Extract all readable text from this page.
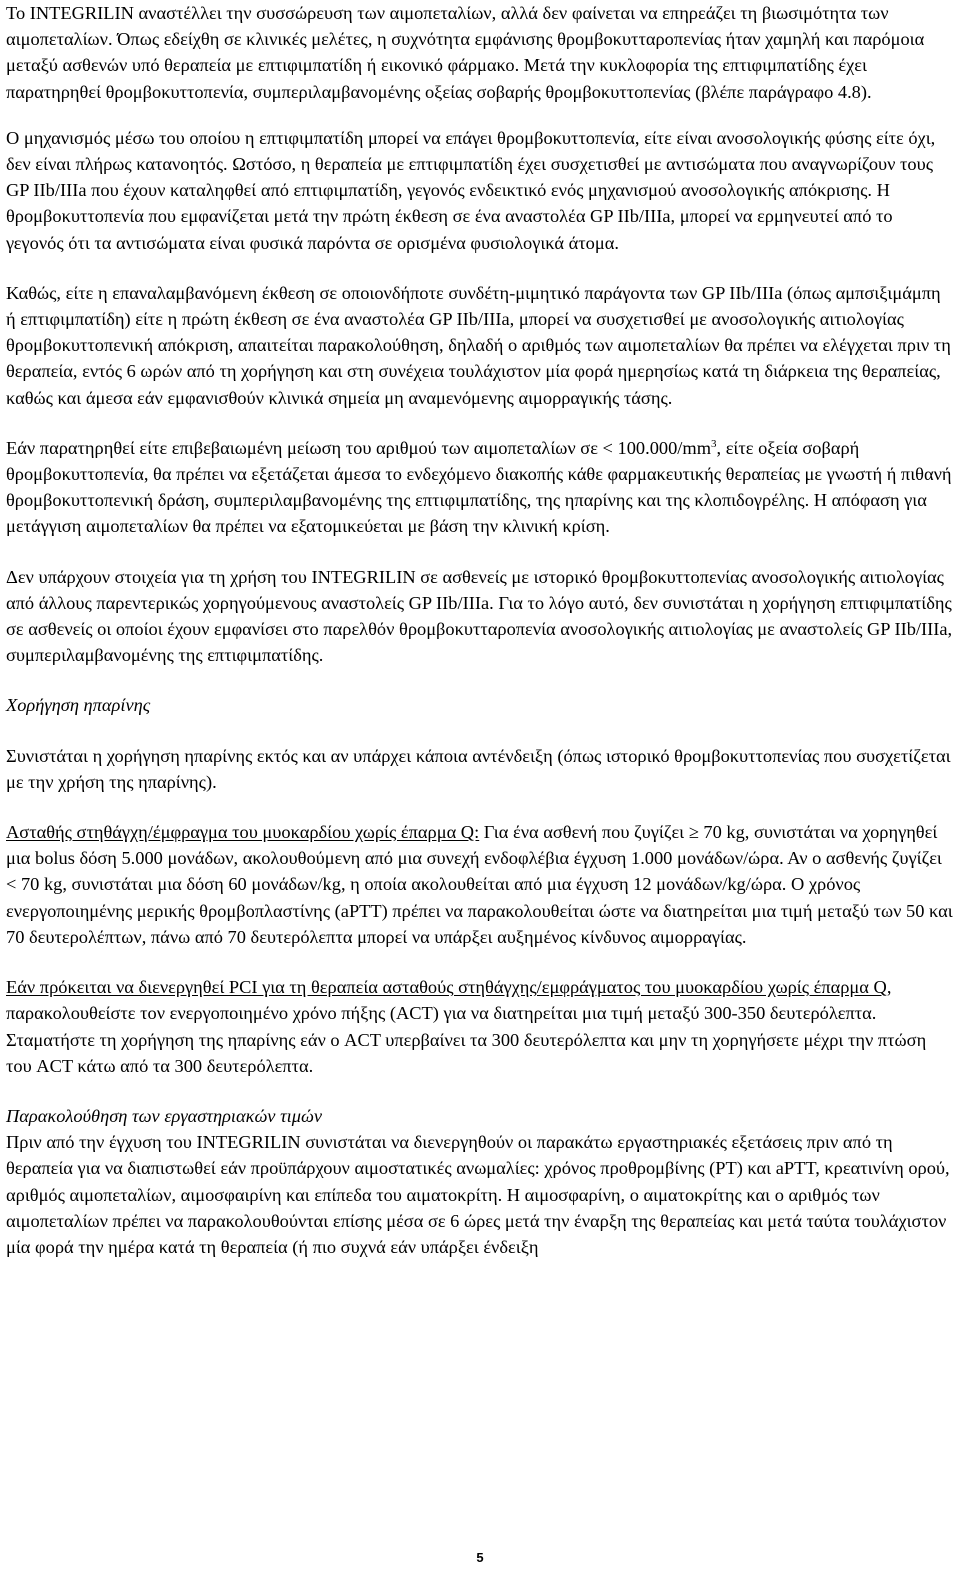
Το INTEGRILIN αναστέλλει την συσσώρευση των αιμοπεταλίων, αλλά δεν φαίνεται να επηρεάζει τη βιωσιμότητα των αιμοπεταλίων. Όπως εδείχθη σε κλινικές μελέτες, η συχνότητα εμφάνισης θρομβοκυτταροπενίας ήταν χαμηλή και παρόμοια μεταξύ ασθενών υπό θεραπεία με επτιφιμπατίδη ή εικονικό φάρμακο. Μετά την κυκλοφορία της επτιφιμπατίδης έχει παρατηρηθεί θρομβοκυττοπενία, συμπεριλαμβανομένης οξείας σοβαρής θρομβοκυττοπενίας (βλέπε παράγραφο 4.8).

Ο μηχανισμός μέσω του οποίου η επτιφιμπατίδη μπορεί να επάγει θρομβοκυττοπενία, είτε είναι ανοσολογικής φύσης είτε όχι, δεν είναι πλήρως κατανοητός. Ωστόσο, η θεραπεία με επτιφιμπατίδη έχει συσχετισθεί με αντισώματα που αναγνωρίζουν τους GP IIb/IIIa που έχουν καταληφθεί από επτιφιμπατίδη, γεγονός ενδεικτικό ενός μηχανισμού ανοσολογικής απόκρισης. Η θρομβοκυττοπενία που εμφανίζεται μετά την πρώτη έκθεση σε ένα αναστολέα GP IIb/IIIa, μπορεί να ερμηνευτεί από το γεγονός ότι τα αντισώματα είναι φυσικά παρόντα σε ορισμένα φυσιολογικά άτομα.

Καθώς, είτε η επαναλαμβανόμενη έκθεση σε οποιονδήποτε συνδέτη-μιμητικό παράγοντα των GP IIb/IIIa (όπως αμπσιξιμάμπη ή επτιφιμπατίδη) είτε η πρώτη έκθεση σε ένα αναστολέα GP IIb/IIIa, μπορεί να συσχετισθεί με ανοσολογικής αιτιολογίας θρομβοκυττοπενική απόκριση, απαιτείται παρακολούθηση, δηλαδή ο αριθμός των αιμοπεταλίων θα πρέπει να ελέγχεται πριν τη θεραπεία, εντός 6 ωρών από τη χορήγηση και στη συνέχεια τουλάχιστον μία φορά ημερησίως κατά τη διάρκεια της θεραπείας, καθώς και άμεσα εάν εμφανισθούν κλινικά σημεία μη αναμενόμενης αιμορραγικής τάσης.

Εάν παρατηρηθεί είτε επιβεβαιωμένη μείωση του αριθμού των αιμοπεταλίων $\sigma\varepsilon < 100.000/mm^3$, είτε οξεία σοβαρή θρομβοκυττοπενία, θα πρέπει να εξετάζεται άμεσα το ενδεχόμενο διακοπής κάθε φαρμακευτικής θεραπείας με γνωστή ή πιθανή θρομβοκυττοπενική δράση, συμπεριλαμβανομένης της επτιφιμπατίδης, της ηπαρίνης και της κλοπιδογρέλης. Η απόφαση για μετάγγιση αιμοπεταλίων θα πρέπει να εξατομικεύεται με βάση την κλινική κρίση.

Δεν υπάρχουν στοιχεία για τη χρήση του INTEGRILIN σε ασθενείς με ιστορικό θρομβοκυττοπενίας ανοσολογικής αιτιολογίας από άλλους παρεντερικώς χορηγούμενους αναστολείς GP IIb/IIIa. Για το λόγο αυτό, δεν συνιστάται η χορήγηση επτιφιμπατίδης σε ασθενείς οι οποίοι έχουν εμφανίσει στο παρελθόν θρομβοκυτταροπενία ανοσολογικής αιτιολογίας με αναστολείς GP IIb/IIIa, συμπεριλαμβανομένης της επτιφιμπατίδης.

Χορήγηση ηπαρίνης

Συνιστάται η χορήγηση ηπαρίνης εκτός και αν υπάρχει κάποια αντένδειξη (όπως ιστορικό θρομβοκυττοπενίας που συσχετίζεται με την χρήση της ηπαρίνης).

Ασταθής στηθάγχη/έμφραγμα του μυοκαρδίου χωρίς έπαρμα Q: Για ένα ασθενή που ζυγίζει ≥ 70 kg, συνιστάται να χορηγηθεί μια bolus δόση 5.000 μονάδων, ακολουθούμενη από μια συνεχή ενδοφλέβια έγχυση 1.000 μονάδων/ώρα. Αν ο ασθενής ζυγίζει < 70 kg, συνιστάται μια δόση 60 μονάδων/kg, η οποία ακολουθείται από μια έγχυση 12 μονάδων/kg/ώρα. Ο χρόνος ενεργοποιημένης μερικής θρομβοπλαστίνης (aPTT) πρέπει να παρακολουθείται ώστε να διατηρείται μια τιμή μεταξύ των 50 και 70 δευτερολέπτων, πάνω από 70 δευτερόλεπτα μπορεί να υπάρξει αυξημένος κίνδυνος αιμορραγίας.

Εάν πρόκειται να διενεργηθεί PCI για τη θεραπεία ασταθούς στηθάγχης/εμφράγματος του μυοκαρδίου χωρίς έπαρμα Q, παρακολουθείστε τον ενεργοποιημένο χρόνο πήξης (ACT) για να διατηρείται μια τιμή μεταξύ 300-350 δευτερόλεπτα. Σταματήστε τη χορήγηση της ηπαρίνης εάν ο ACT υπερβαίνει τα 300 δευτερόλεπτα και μην τη χορηγήσετε μέχρι την πτώση του ACT κάτω από τα 300 δευτερόλεπτα.

Παρακολούθηση των εργαστηριακών τιμών

Πριν από την έγχυση του INTEGRILIN συνιστάται να διενεργηθούν οι παρακάτω εργαστηριακές εξετάσεις πριν από τη θεραπεία για να διαπιστωθεί εάν προϋπάρχουν αιμοστατικές ανωμαλίες: χρόνος προθρομβίνης (PT) και aPTT, κρεατινίνη ορού, αριθμός αιμοπεταλίων, αιμοσφαιρίνη και επίπεδα του αιματοκρίτη. Η αιμοσφαρίνη, ο αιματοκρίτης και ο αριθμός των αιμοπεταλίων πρέπει να παρακολουθούνται επίσης μέσα σε 6 ώρες μετά την έναρξη της θεραπείας και μετά ταύτα τουλάχιστον μία φορά την ημέρα κατά τη θεραπεία (ή πιο συχνά εάν υπάρξει ένδειξη

5
